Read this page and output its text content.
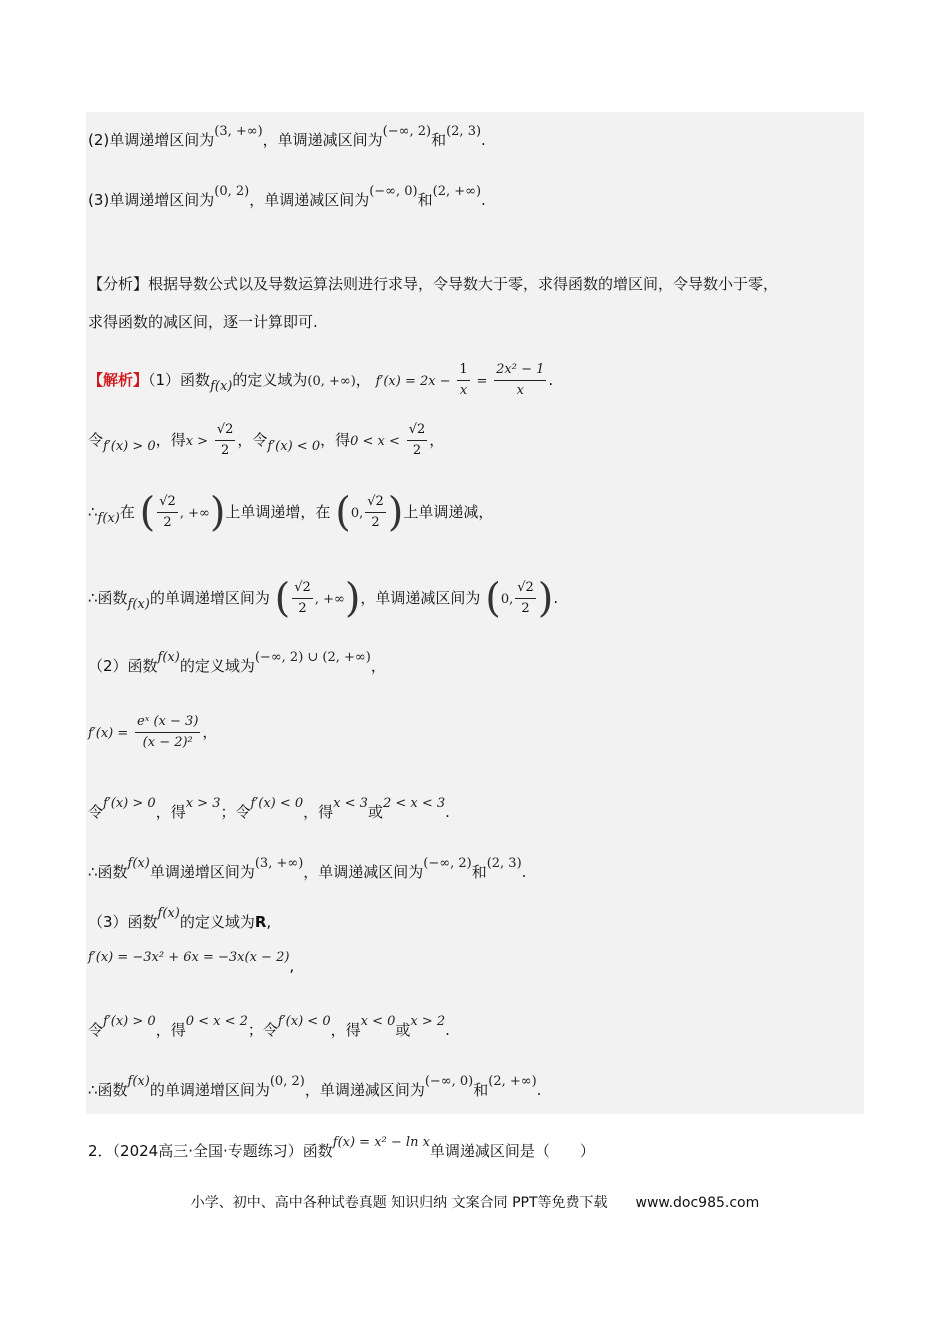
(2)单调递增区间为(3, +∞)，单调递减区间为(−∞, 2)和(2, 3).
(3)单调递增区间为(0, 2)，单调递减区间为(−∞, 0)和(2, +∞).
【分析】根据导数公式以及导数运算法则进行求导，令导数大于零，求得函数的增区间，令导数小于零，
求得函数的减区间，逐一计算即可.
【解析】（1）函数f(x)的定义域为(0, +∞)， $f'(x) = 2x - \frac{1}{x} = \frac{\text{2x² − 1}}{x}$ .
令f′(x) > 0，得$x > \frac{√2}{2}$ ，令f′(x) < 0，得$0 < x < \frac{√2}{2}$ ，
∴f(x)在 ( $\frac{√2}{2}$ , +∞)上单调递增，在 (0, $\frac{√2}{2}$ )上单调递减，
∴函数f(x)的单调递增区间为 ( $\frac{√2}{2}$ , +∞)，单调递减区间为 (0, $\frac{√2}{2}$ ).
（2）函数f(x)的定义域为(−∞, 2) ∪ (2, +∞)，
$f'(x) = \frac{\text{eˣ (x − 3)}}{\text{(x − 2)²}}$ ，
令f′(x) > 0，得x > 3；令f′(x) < 0，得x < 3或2 < x < 3.
∴函数f(x)单调递增区间为(3, +∞)，单调递减区间为(−∞, 2)和(2, 3).
（3）函数f(x)的定义域为R,
f′(x) = −3x² + 6x = −3x(x − 2),
令f′(x) > 0，得0 < x < 2；令f′(x) < 0，得x < 0或x > 2.
∴函数f(x)的单调递增区间为(0, 2)，单调递减区间为(−∞, 0)和(2, +∞).
2．（2024高三·全国·专题练习）函数f(x) = x² − ln x单调递减区间是（　　）
小学、初中、高中各种试卷真题 知识归纳 文案合同 PPT等免费下载 www.doc985.com
